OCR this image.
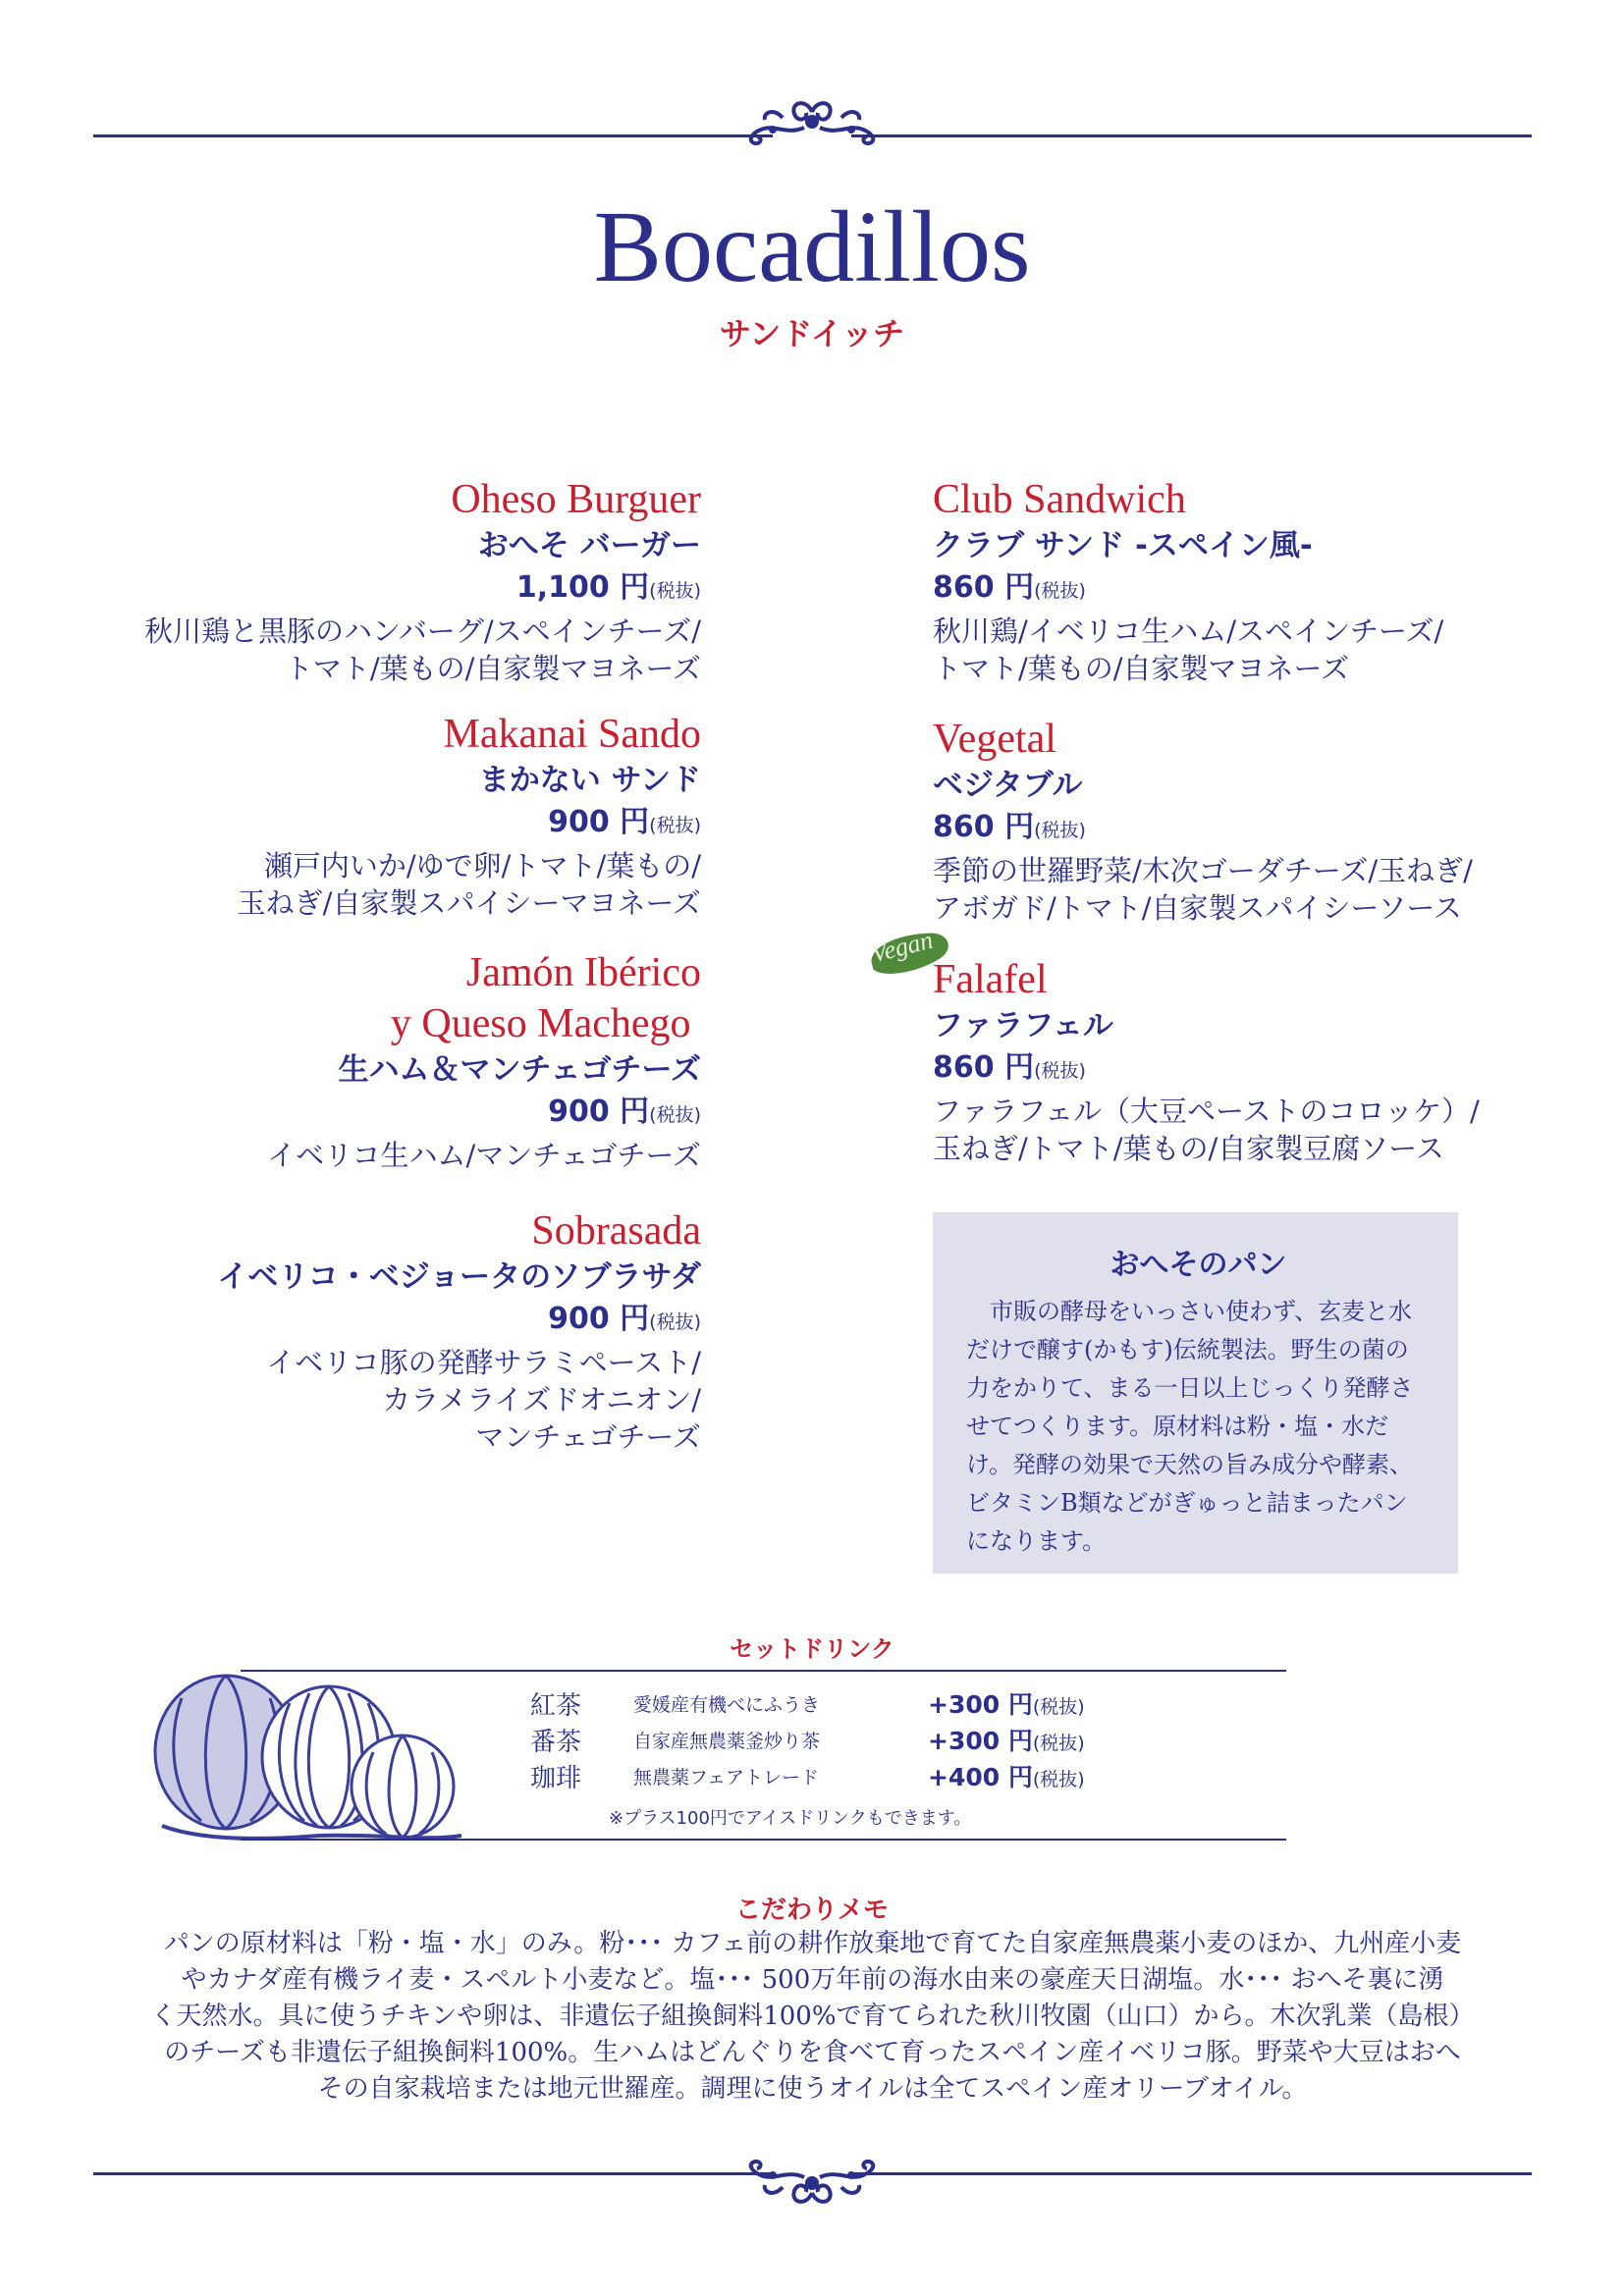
Bocadillos
サンドイッチ
Oheso Burguer
おへそ バーガー
1,100 円(税抜)
秋川鶏と黒豚のハンバーグ/スペインチーズ/
トマト/葉もの/自家製マヨネーズ
Makanai Sando
まかない サンド
900 円(税抜)
瀬戸内いか/ゆで卵/トマト/葉もの/
玉ねぎ/自家製スパイシーマヨネーズ
Jamón Ibérico
y Queso Machego
生ハム＆マンチェゴチーズ
900 円(税抜)
イベリコ生ハム/マンチェゴチーズ
Sobrasada
イベリコ・ベジョータのソブラサダ
900 円(税抜)
イベリコ豚の発酵サラミペースト/
カラメライズドオニオン/
マンチェゴチーズ
Club Sandwich
クラブ サンド -スペイン風-
860 円(税抜)
秋川鶏/イベリコ生ハム/スペインチーズ/
トマト/葉もの/自家製マヨネーズ
Vegetal
ベジタブル
860 円(税抜)
季節の世羅野菜/木次ゴーダチーズ/玉ねぎ/
アボガド/トマト/自家製スパイシーソース
Vegan
Falafel
ファラフェル
860 円(税抜)
ファラフェル（大豆ペーストのコロッケ）/
玉ねぎ/トマト/葉もの/自家製豆腐ソース
おへそのパン
市販の酵母をいっさい使わず、玄麦と水だけで醸す(かもす)伝統製法。野生の菌の力をかりて、まる一日以上じっくり発酵させてつくります。原材料は粉・塩・水だけ。発酵の効果で天然の旨み成分や酵素、ビタミンB類などがぎゅっと詰まったパンになります。
セットドリンク
紅茶	愛媛産有機べにふうき	+300 円(税抜)
番茶	自家産無農薬釜炒り茶	+300 円(税抜)
珈琲	無農薬フェアトレード	+400 円(税抜)
※プラス100円でアイスドリンクもできます。
こだわりメモ
パンの原材料は「粉・塩・水」のみ。粉･･･ カフェ前の耕作放棄地で育てた自家産無農薬小麦のほか、九州産小麦
やカナダ産有機ライ麦・スペルト小麦など。塩･･･ 500万年前の海水由来の豪産天日湖塩。水･･･ おへそ裏に湧
く天然水。具に使うチキンや卵は、非遺伝子組換飼料100%で育てられた秋川牧園（山口）から。木次乳業（島根）
のチーズも非遺伝子組換飼料100%。生ハムはどんぐりを食べて育ったスペイン産イベリコ豚。野菜や大豆はおへ
その自家栽培または地元世羅産。調理に使うオイルは全てスペイン産オリーブオイル。
